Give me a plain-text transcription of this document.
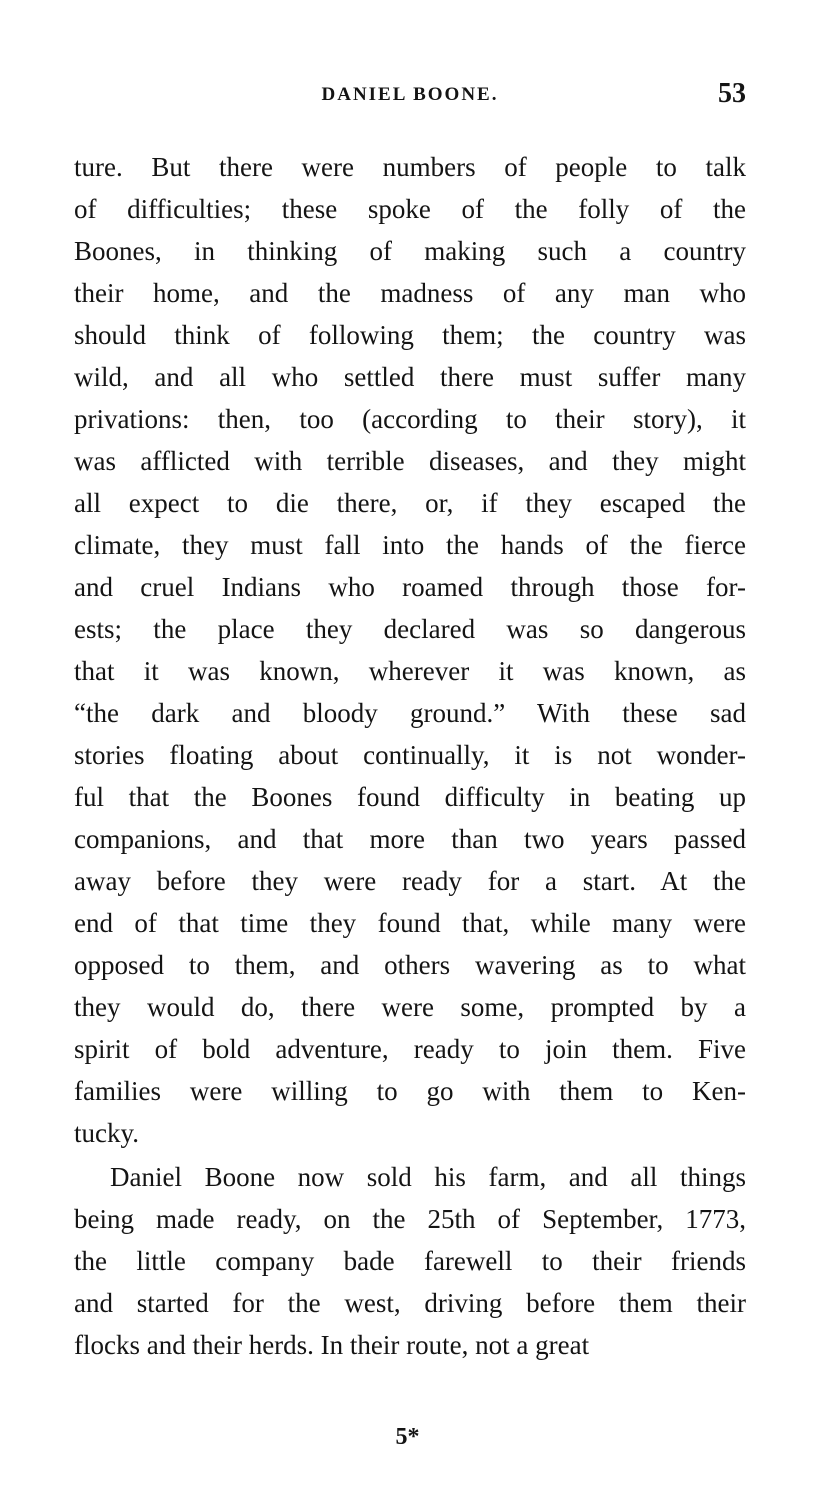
DANIEL BOONE.	53
ture. But there were numbers of people to talk
of difficulties; these spoke of the folly of the
Boones, in thinking of making such a country
their home, and the madness of any man who
should think of following them; the country was
wild, and all who settled there must suffer many
privations: then, too (according to their story), it
was afflicted with terrible diseases, and they might
all expect to die there, or, if they escaped the
climate, they must fall into the hands of the fierce
and cruel Indians who roamed through those for-
ests; the place they declared was so dangerous
that it was known, wherever it was known, as
“the dark and bloody ground.” With these sad
stories floating about continually, it is not wonder-
ful that the Boones found difficulty in beating up
companions, and that more than two years passed
away before they were ready for a start. At the
end of that time they found that, while many were
opposed to them, and others wavering as to what
they would do, there were some, prompted by a
spirit of bold adventure, ready to join them. Five
families were willing to go with them to Ken-
tucky.
Daniel Boone now sold his farm, and all things
being made ready, on the 25th of September, 1773,
the little company bade farewell to their friends
and started for the west, driving before them their
flocks and their herds. In their route, not a great
5*
